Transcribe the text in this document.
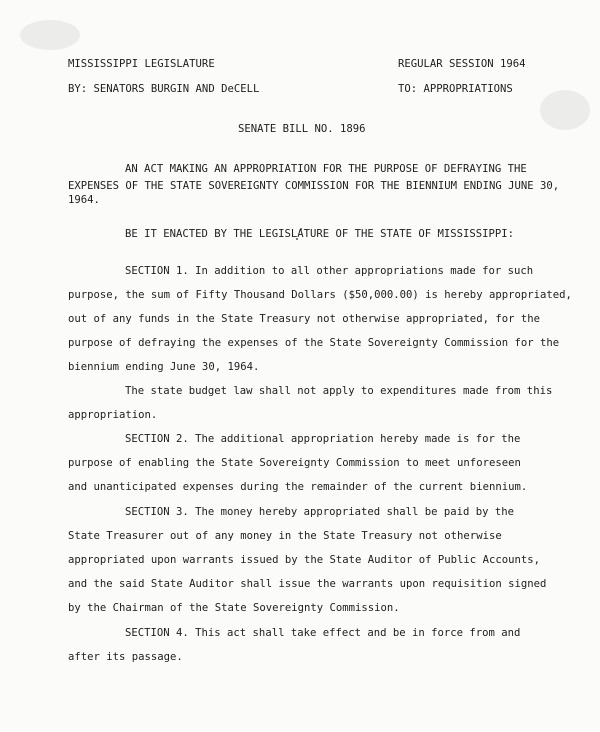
MISSISSIPPI LEGISLATURE	REGULAR SESSION 1964
BY: SENATORS BURGIN AND DeCELL	TO: APPROPRIATIONS
SENATE BILL NO. 1896
AN ACT MAKING AN APPROPRIATION FOR THE PURPOSE OF DEFRAYING THE
EXPENSES OF THE STATE SOVEREIGNTY COMMISSION FOR THE BIENNIUM ENDING JUNE 30,
1964.
BE IT ENACTED BY THE LEGISLATURE OF THE STATE OF MISSISSIPPI:
SECTION 1. In addition to all other appropriations made for such
purpose, the sum of Fifty Thousand Dollars ($50,000.00) is hereby appropriated,
out of any funds in the State Treasury not otherwise appropriated, for the
purpose of defraying the expenses of the State Sovereignty Commission for the
biennium ending June 30, 1964.
The state budget law shall not apply to expenditures made from this
appropriation.
SECTION 2. The additional appropriation hereby made is for the
purpose of enabling the State Sovereignty Commission to meet unforeseen
and unanticipated expenses during the remainder of the current biennium.
SECTION 3. The money hereby appropriated shall be paid by the
State Treasurer out of any money in the State Treasury not otherwise
appropriated upon warrants issued by the State Auditor of Public Accounts,
and the said State Auditor shall issue the warrants upon requisition signed
by the Chairman of the State Sovereignty Commission.
SECTION 4. This act shall take effect and be in force from and
after its passage.
